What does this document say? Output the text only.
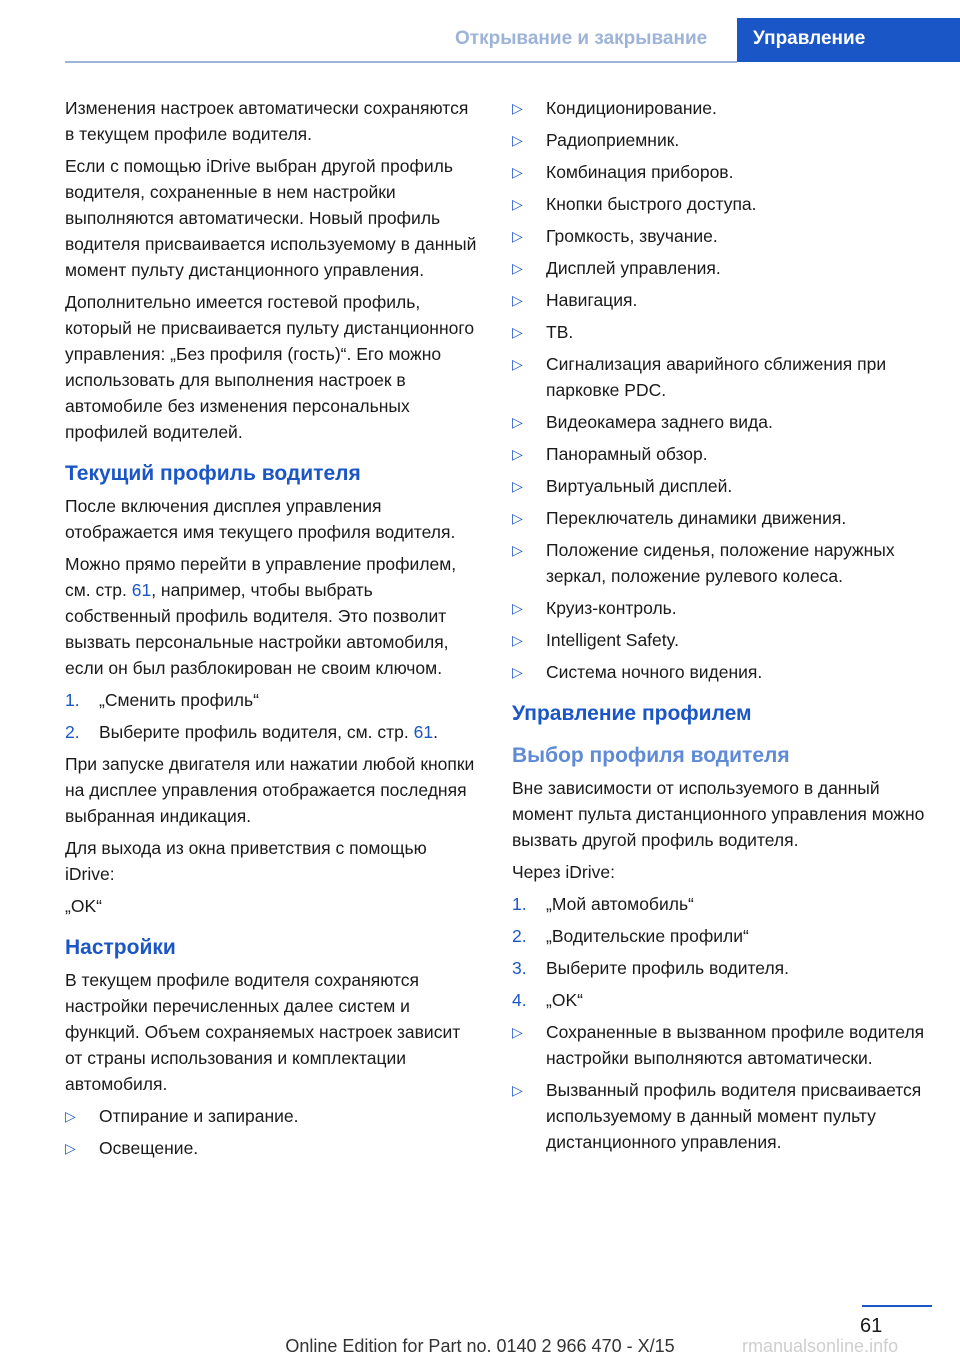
Открывание и закрывание	Управление

Изменения настроек автоматически сохраняются в текущем профиле водителя.

Если с помощью iDrive выбран другой профиль водителя, сохраненные в нем настройки выполняются автоматически. Новый профиль водителя присваивается используемому в данный момент пульту дистанционного управления.

Дополнительно имеется гостевой профиль, который не присваивается пульту дистанционного управления: „Без профиля (гость)“. Его можно использовать для выполнения настроек в автомобиле без изменения персональных профилей водителей.

Текущий профиль водителя

После включения дисплея управления отображается имя текущего профиля водителя.

Можно прямо перейти в управление профилем, см. стр. 61, например, чтобы выбрать собственный профиль водителя. Это позволит вызвать персональные настройки автомобиля, если он был разблокирован не своим ключом.

1. „Сменить профиль“
2. Выберите профиль водителя, см. стр. 61.

При запуске двигателя или нажатии любой кнопки на дисплее управления отображается последняя выбранная индикация.

Для выхода из окна приветствия с помощью iDrive:

„OK“

Настройки

В текущем профиле водителя сохраняются настройки перечисленных далее систем и функций. Объем сохраняемых настроек зависит от страны использования и комплектации автомобиля.

▷ Отпирание и запирание.
▷ Освещение.
▷ Кондиционирование.
▷ Радиоприемник.
▷ Комбинация приборов.
▷ Кнопки быстрого доступа.
▷ Громкость, звучание.
▷ Дисплей управления.
▷ Навигация.
▷ ТВ.
▷ Сигнализация аварийного сближения при парковке PDC.
▷ Видеокамера заднего вида.
▷ Панорамный обзор.
▷ Виртуальный дисплей.
▷ Переключатель динамики движения.
▷ Положение сиденья, положение наружных зеркал, положение рулевого колеса.
▷ Круиз-контроль.
▷ Intelligent Safety.
▷ Система ночного видения.
Управление профилем
Выбор профиля водителя

Вне зависимости от используемого в данный момент пульта дистанционного управления можно вызвать другой профиль водителя.

Через iDrive:

1. „Мой автомобиль“
2. „Водительские профили“
3. Выберите профиль водителя.
4. „OK“
▷ Сохраненные в вызванном профиле водителя настройки выполняются автоматически.
▷ Вызванный профиль водителя присваивается используемому в данный момент пульту дистанционного управления.
61
Online Edition for Part no. 0140 2 966 470 - X/15	rmanualsonline.info
